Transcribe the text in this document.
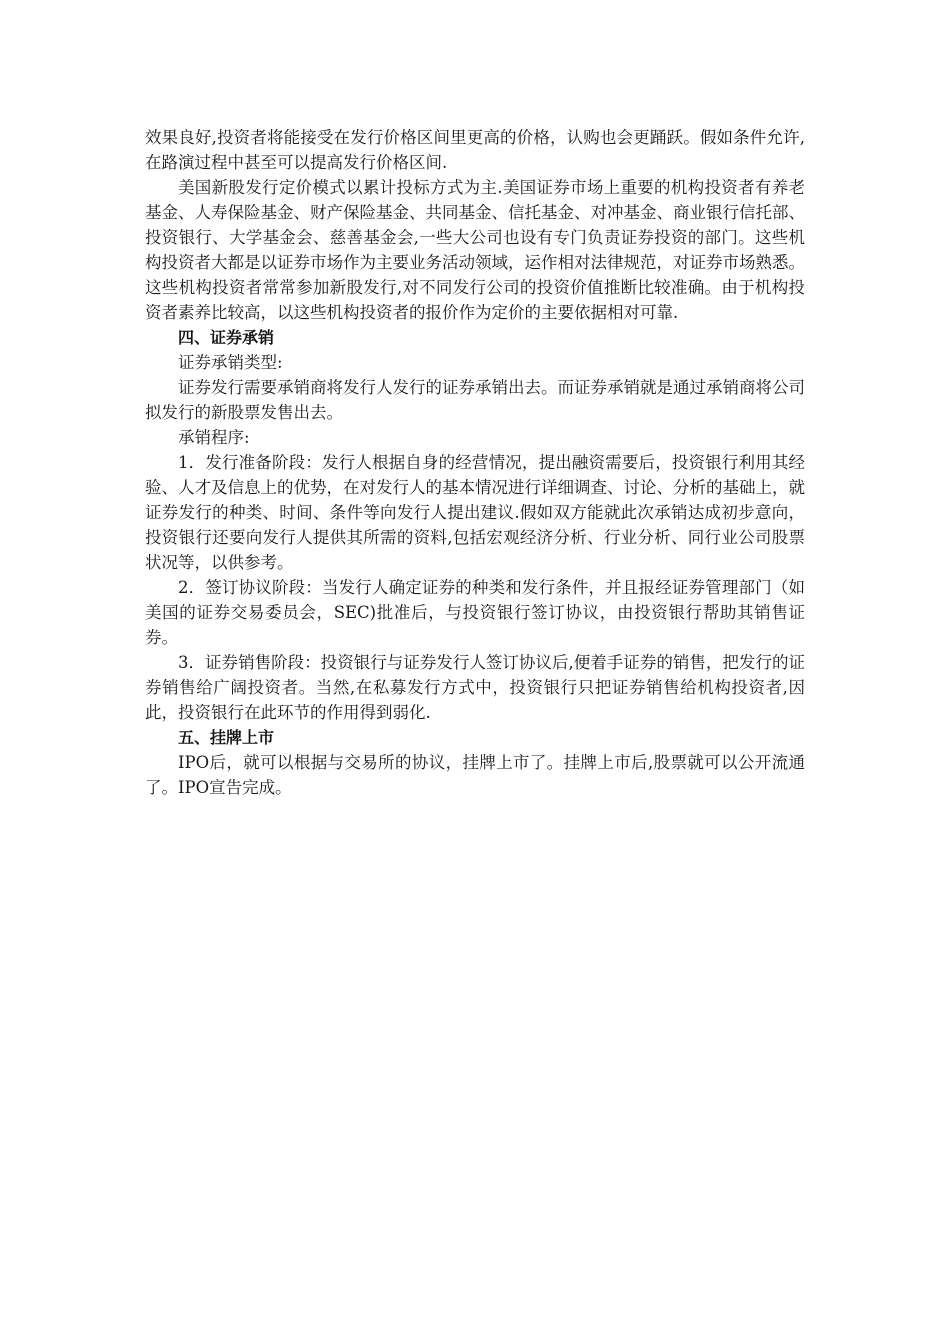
效果良好,投资者将能接受在发行价格区间里更高的价格，认购也会更踊跃。假如条件允许,在路演过程中甚至可以提高发行价格区间.

美国新股发行定价模式以累计投标方式为主.美国证券市场上重要的机构投资者有养老基金、人寿保险基金、财产保险基金、共同基金、信托基金、对冲基金、商业银行信托部、投资银行、大学基金会、慈善基金会,一些大公司也设有专门负责证券投资的部门。这些机构投资者大都是以证券市场作为主要业务活动领域，运作相对法律规范，对证券市场熟悉。这些机构投资者常常参加新股发行,对不同发行公司的投资价值推断比较准确。由于机构投资者素养比较高，以这些机构投资者的报价作为定价的主要依据相对可靠.

四、证券承销

证券承销类型:

证券发行需要承销商将发行人发行的证券承销出去。而证券承销就是通过承销商将公司拟发行的新股票发售出去。

承销程序:

1．发行准备阶段：发行人根据自身的经营情况，提出融资需要后，投资银行利用其经验、人才及信息上的优势，在对发行人的基本情况进行详细调查、讨论、分析的基础上，就证券发行的种类、时间、条件等向发行人提出建议.假如双方能就此次承销达成初步意向，投资银行还要向发行人提供其所需的资料,包括宏观经济分析、行业分析、同行业公司股票状况等，以供参考。

2．签订协议阶段：当发行人确定证券的种类和发行条件，并且报经证券管理部门（如美国的证券交易委员会，SEC)批准后，与投资银行签订协议，由投资银行帮助其销售证券。

3．证券销售阶段：投资银行与证券发行人签订协议后,便着手证券的销售，把发行的证券销售给广阔投资者。当然,在私募发行方式中，投资银行只把证券销售给机构投资者,因此，投资银行在此环节的作用得到弱化.

五、挂牌上市

IPO后，就可以根据与交易所的协议，挂牌上市了。挂牌上市后,股票就可以公开流通了。IPO宣告完成。
